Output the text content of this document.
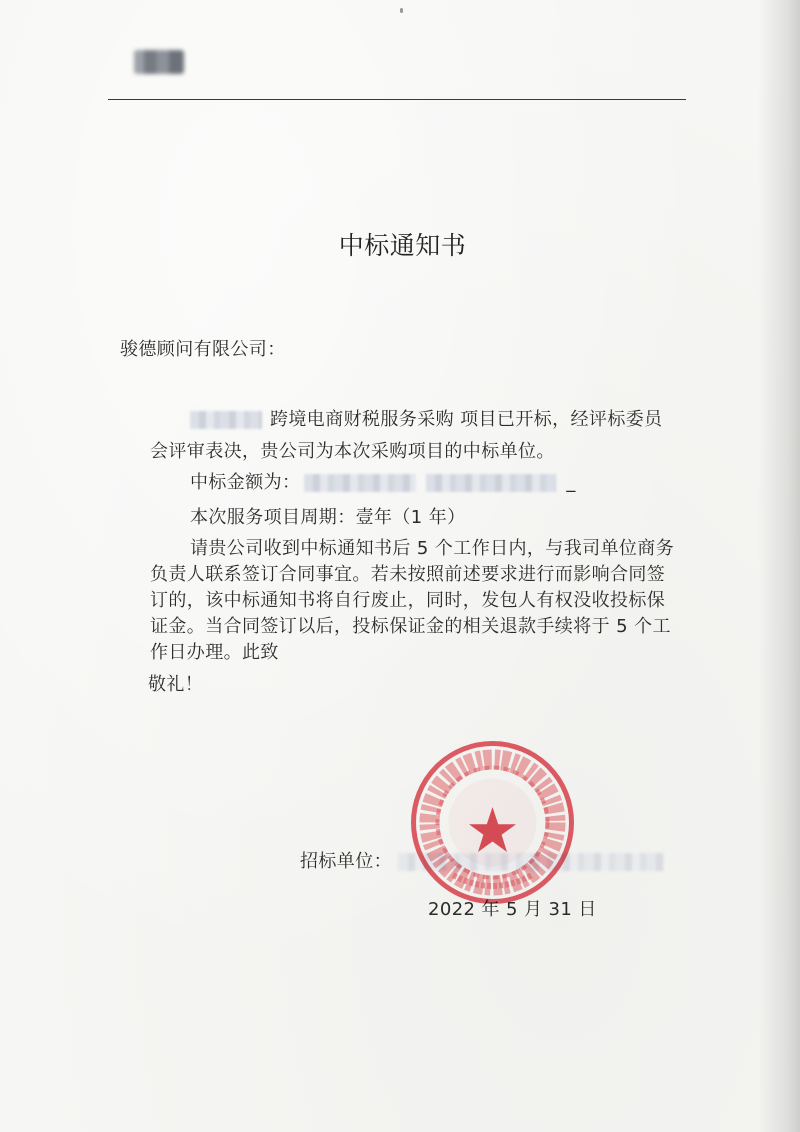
中标通知书
骏德顾问有限公司：
跨境电商财税服务采购 项目已开标，经评标委员
会评审表决，贵公司为本次采购项目的中标单位。
中标金额为：	_
本次服务项目周期：壹年（1 年）
请贵公司收到中标通知书后 5 个工作日内，与我司单位商务
负责人联系签订合同事宜。若未按照前述要求进行而影响合同签
订的，该中标通知书将自行废止，同时，发包人有权没收投标保
证金。当合同签订以后，投标保证金的相关退款手续将于 5 个工
作日办理。此致
敬礼！
招标单位：
2022 年 5 月 31 日
